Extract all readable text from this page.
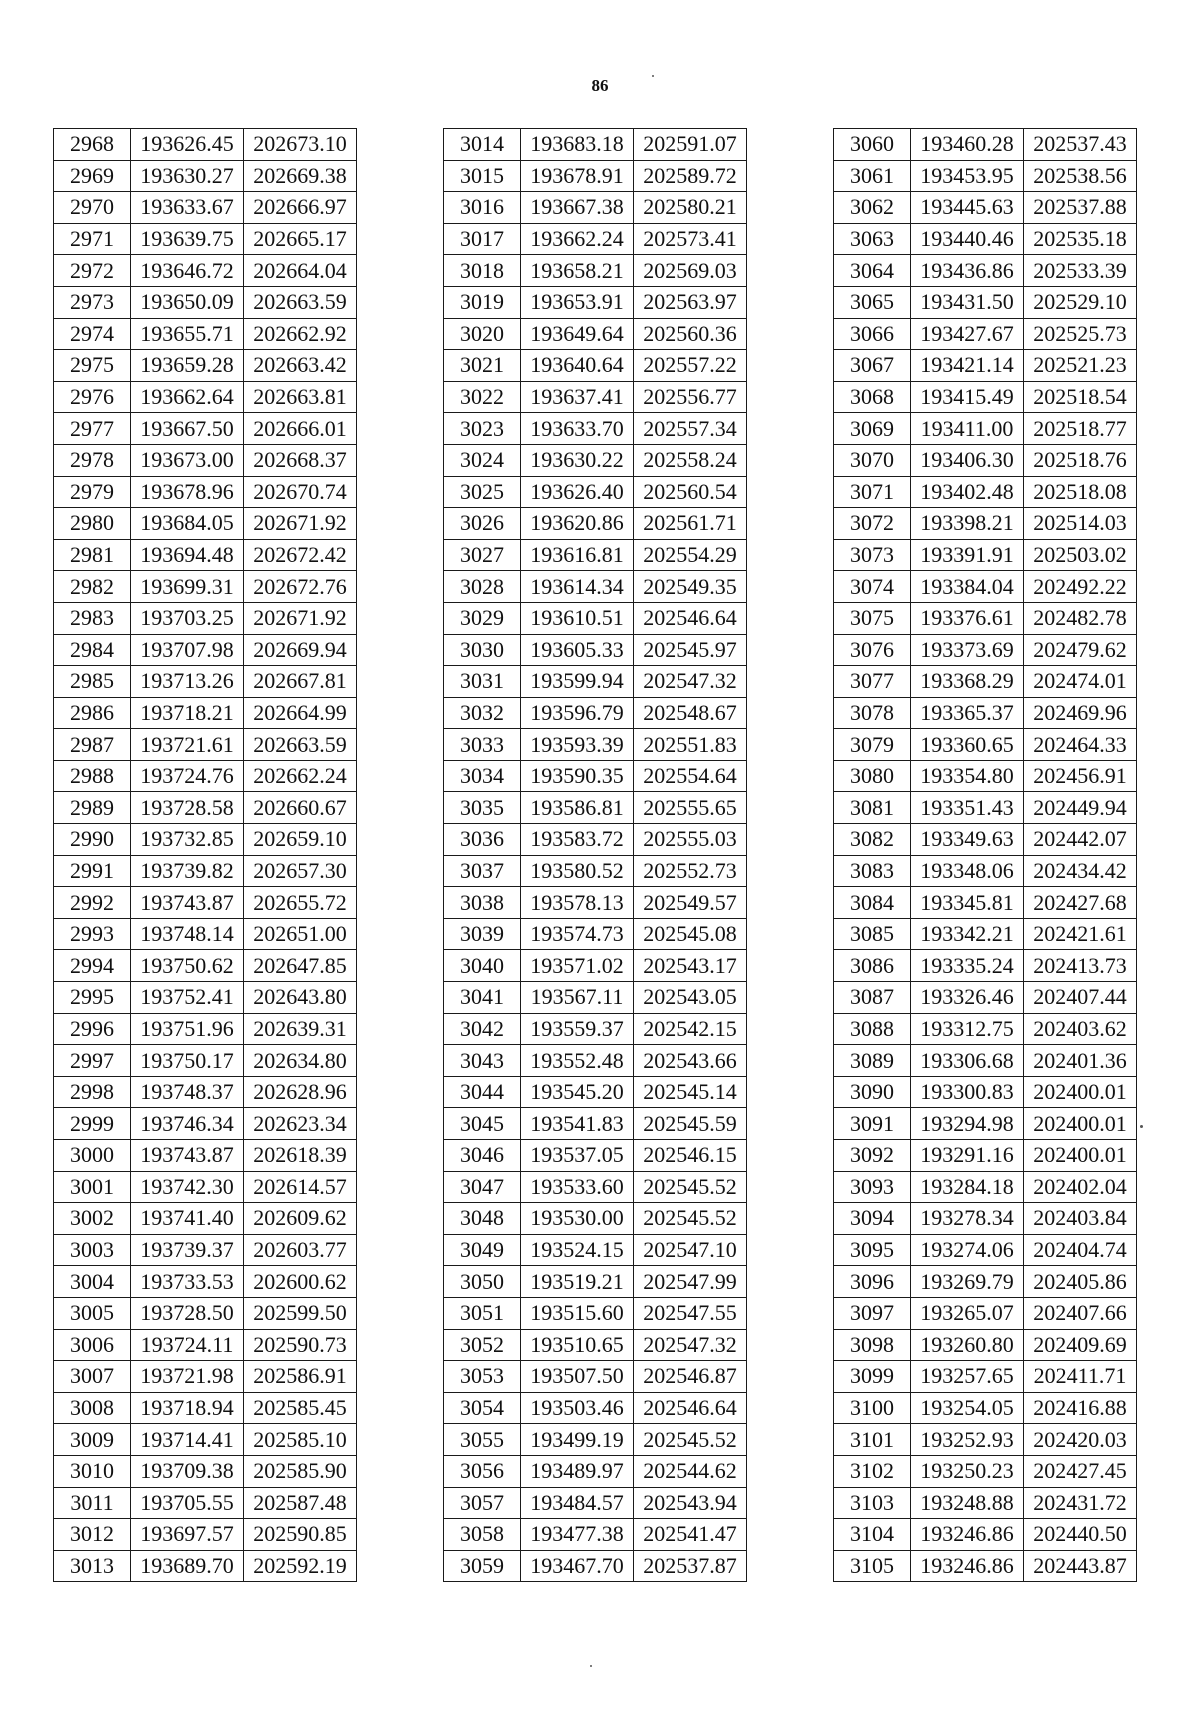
86
2968	193626.45	202673.10
2969	193630.27	202669.38
2970	193633.67	202666.97
2971	193639.75	202665.17
2972	193646.72	202664.04
2973	193650.09	202663.59
2974	193655.71	202662.92
2975	193659.28	202663.42
2976	193662.64	202663.81
2977	193667.50	202666.01
2978	193673.00	202668.37
2979	193678.96	202670.74
2980	193684.05	202671.92
2981	193694.48	202672.42
2982	193699.31	202672.76
2983	193703.25	202671.92
2984	193707.98	202669.94
2985	193713.26	202667.81
2986	193718.21	202664.99
2987	193721.61	202663.59
2988	193724.76	202662.24
2989	193728.58	202660.67
2990	193732.85	202659.10
2991	193739.82	202657.30
2992	193743.87	202655.72
2993	193748.14	202651.00
2994	193750.62	202647.85
2995	193752.41	202643.80
2996	193751.96	202639.31
2997	193750.17	202634.80
2998	193748.37	202628.96
2999	193746.34	202623.34
3000	193743.87	202618.39
3001	193742.30	202614.57
3002	193741.40	202609.62
3003	193739.37	202603.77
3004	193733.53	202600.62
3005	193728.50	202599.50
3006	193724.11	202590.73
3007	193721.98	202586.91
3008	193718.94	202585.45
3009	193714.41	202585.10
3010	193709.38	202585.90
3011	193705.55	202587.48
3012	193697.57	202590.85
3013	193689.70	202592.19
3014	193683.18	202591.07
3015	193678.91	202589.72
3016	193667.38	202580.21
3017	193662.24	202573.41
3018	193658.21	202569.03
3019	193653.91	202563.97
3020	193649.64	202560.36
3021	193640.64	202557.22
3022	193637.41	202556.77
3023	193633.70	202557.34
3024	193630.22	202558.24
3025	193626.40	202560.54
3026	193620.86	202561.71
3027	193616.81	202554.29
3028	193614.34	202549.35
3029	193610.51	202546.64
3030	193605.33	202545.97
3031	193599.94	202547.32
3032	193596.79	202548.67
3033	193593.39	202551.83
3034	193590.35	202554.64
3035	193586.81	202555.65
3036	193583.72	202555.03
3037	193580.52	202552.73
3038	193578.13	202549.57
3039	193574.73	202545.08
3040	193571.02	202543.17
3041	193567.11	202543.05
3042	193559.37	202542.15
3043	193552.48	202543.66
3044	193545.20	202545.14
3045	193541.83	202545.59
3046	193537.05	202546.15
3047	193533.60	202545.52
3048	193530.00	202545.52
3049	193524.15	202547.10
3050	193519.21	202547.99
3051	193515.60	202547.55
3052	193510.65	202547.32
3053	193507.50	202546.87
3054	193503.46	202546.64
3055	193499.19	202545.52
3056	193489.97	202544.62
3057	193484.57	202543.94
3058	193477.38	202541.47
3059	193467.70	202537.87
3060	193460.28	202537.43
3061	193453.95	202538.56
3062	193445.63	202537.88
3063	193440.46	202535.18
3064	193436.86	202533.39
3065	193431.50	202529.10
3066	193427.67	202525.73
3067	193421.14	202521.23
3068	193415.49	202518.54
3069	193411.00	202518.77
3070	193406.30	202518.76
3071	193402.48	202518.08
3072	193398.21	202514.03
3073	193391.91	202503.02
3074	193384.04	202492.22
3075	193376.61	202482.78
3076	193373.69	202479.62
3077	193368.29	202474.01
3078	193365.37	202469.96
3079	193360.65	202464.33
3080	193354.80	202456.91
3081	193351.43	202449.94
3082	193349.63	202442.07
3083	193348.06	202434.42
3084	193345.81	202427.68
3085	193342.21	202421.61
3086	193335.24	202413.73
3087	193326.46	202407.44
3088	193312.75	202403.62
3089	193306.68	202401.36
3090	193300.83	202400.01
3091	193294.98	202400.01
3092	193291.16	202400.01
3093	193284.18	202402.04
3094	193278.34	202403.84
3095	193274.06	202404.74
3096	193269.79	202405.86
3097	193265.07	202407.66
3098	193260.80	202409.69
3099	193257.65	202411.71
3100	193254.05	202416.88
3101	193252.93	202420.03
3102	193250.23	202427.45
3103	193248.88	202431.72
3104	193246.86	202440.50
3105	193246.86	202443.87
